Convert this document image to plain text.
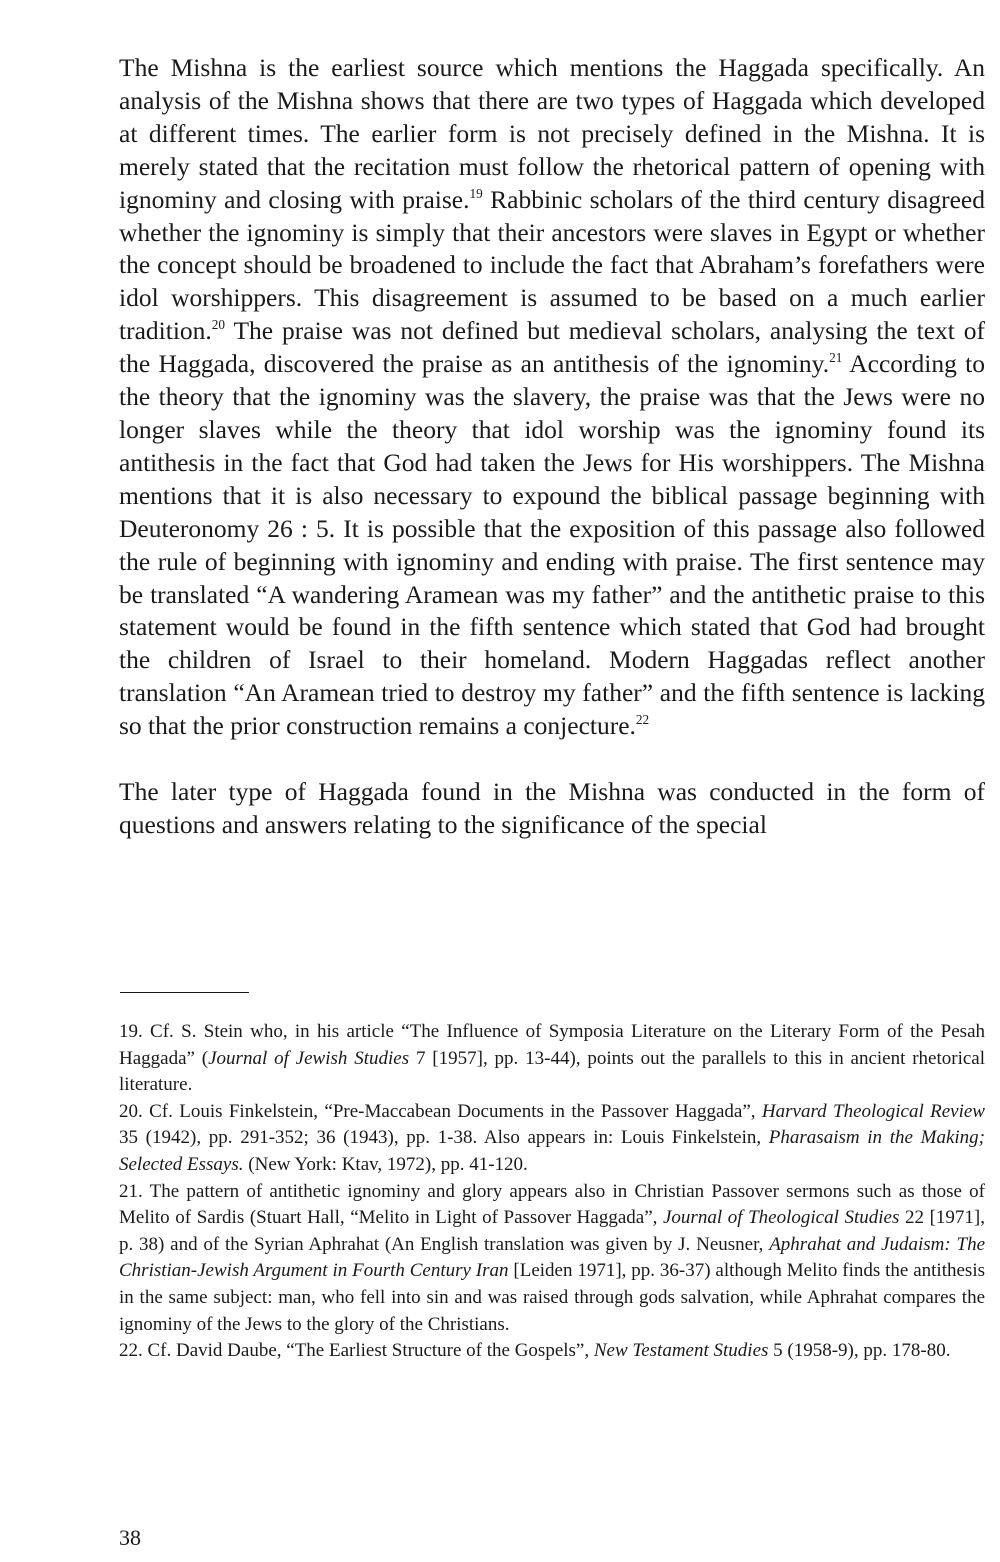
The Mishna is the earliest source which mentions the Haggada specifically. An analysis of the Mishna shows that there are two types of Haggada which developed at different times. The earlier form is not precisely defined in the Mishna. It is merely stated that the recitation must follow the rhetorical pattern of opening with ignominy and closing with praise.$^{19}$ Rabbinic scholars of the third century disagreed whether the ignominy is simply that their ancestors were slaves in Egypt or whether the concept should be broadened to include the fact that Abraham’s forefathers were idol worshippers. This disagreement is assumed to be based on a much earlier tradition.$^{20}$ The praise was not defined but medieval scholars, analysing the text of the Haggada, discovered the praise as an antithesis of the ignominy.$^{21}$ According to the theory that the ignominy was the slavery, the praise was that the Jews were no longer slaves while the theory that idol worship was the ignominy found its antithesis in the fact that God had taken the Jews for His worshippers. The Mishna mentions that it is also necessary to expound the biblical passage beginning with Deuteronomy 26 : 5. It is possible that the exposition of this passage also followed the rule of beginning with ignominy and ending with praise. The first sentence may be translated “A wandering Aramean was my father” and the antithetic praise to this statement would be found in the fifth sentence which stated that God had brought the children of Israel to their homeland. Modern Haggadas reflect another translation “An Aramean tried to destroy my father” and the fifth sentence is lacking so that the prior construction remains a conjecture.$^{22}$

The later type of Haggada found in the Mishna was conducted in the form of questions and answers relating to the significance of the special

19. Cf. S. Stein who, in his article “The Influence of Symposia Literature on the Literary Form of the Pesah Haggada” (Journal of Jewish Studies 7 [1957], pp. 13-44), points out the parallels to this in ancient rhetorical literature.

20. Cf. Louis Finkelstein, “Pre-Maccabean Documents in the Passover Haggada”, Harvard Theological Review 35 (1942), pp. 291-352; 36 (1943), pp. 1-38. Also appears in: Louis Finkelstein, Pharasaism in the Making; Selected Essays. (New York: Ktav, 1972), pp. 41-120.

21. The pattern of antithetic ignominy and glory appears also in Christian Passover sermons such as those of Melito of Sardis (Stuart Hall, “Melito in Light of Passover Haggada”, Journal of Theological Studies 22 [1971], p. 38) and of the Syrian Aphrahat (An English translation was given by J. Neusner, Aphrahat and Judaism: The Christian-Jewish Argument in Fourth Century Iran [Leiden 1971], pp. 36-37) although Melito finds the antithesis in the same subject: man, who fell into sin and was raised through gods salvation, while Aphrahat compares the ignominy of the Jews to the glory of the Christians.

22. Cf. David Daube, “The Earliest Structure of the Gospels”, New Testament Studies 5 (1958-9), pp. 178-80.

38
